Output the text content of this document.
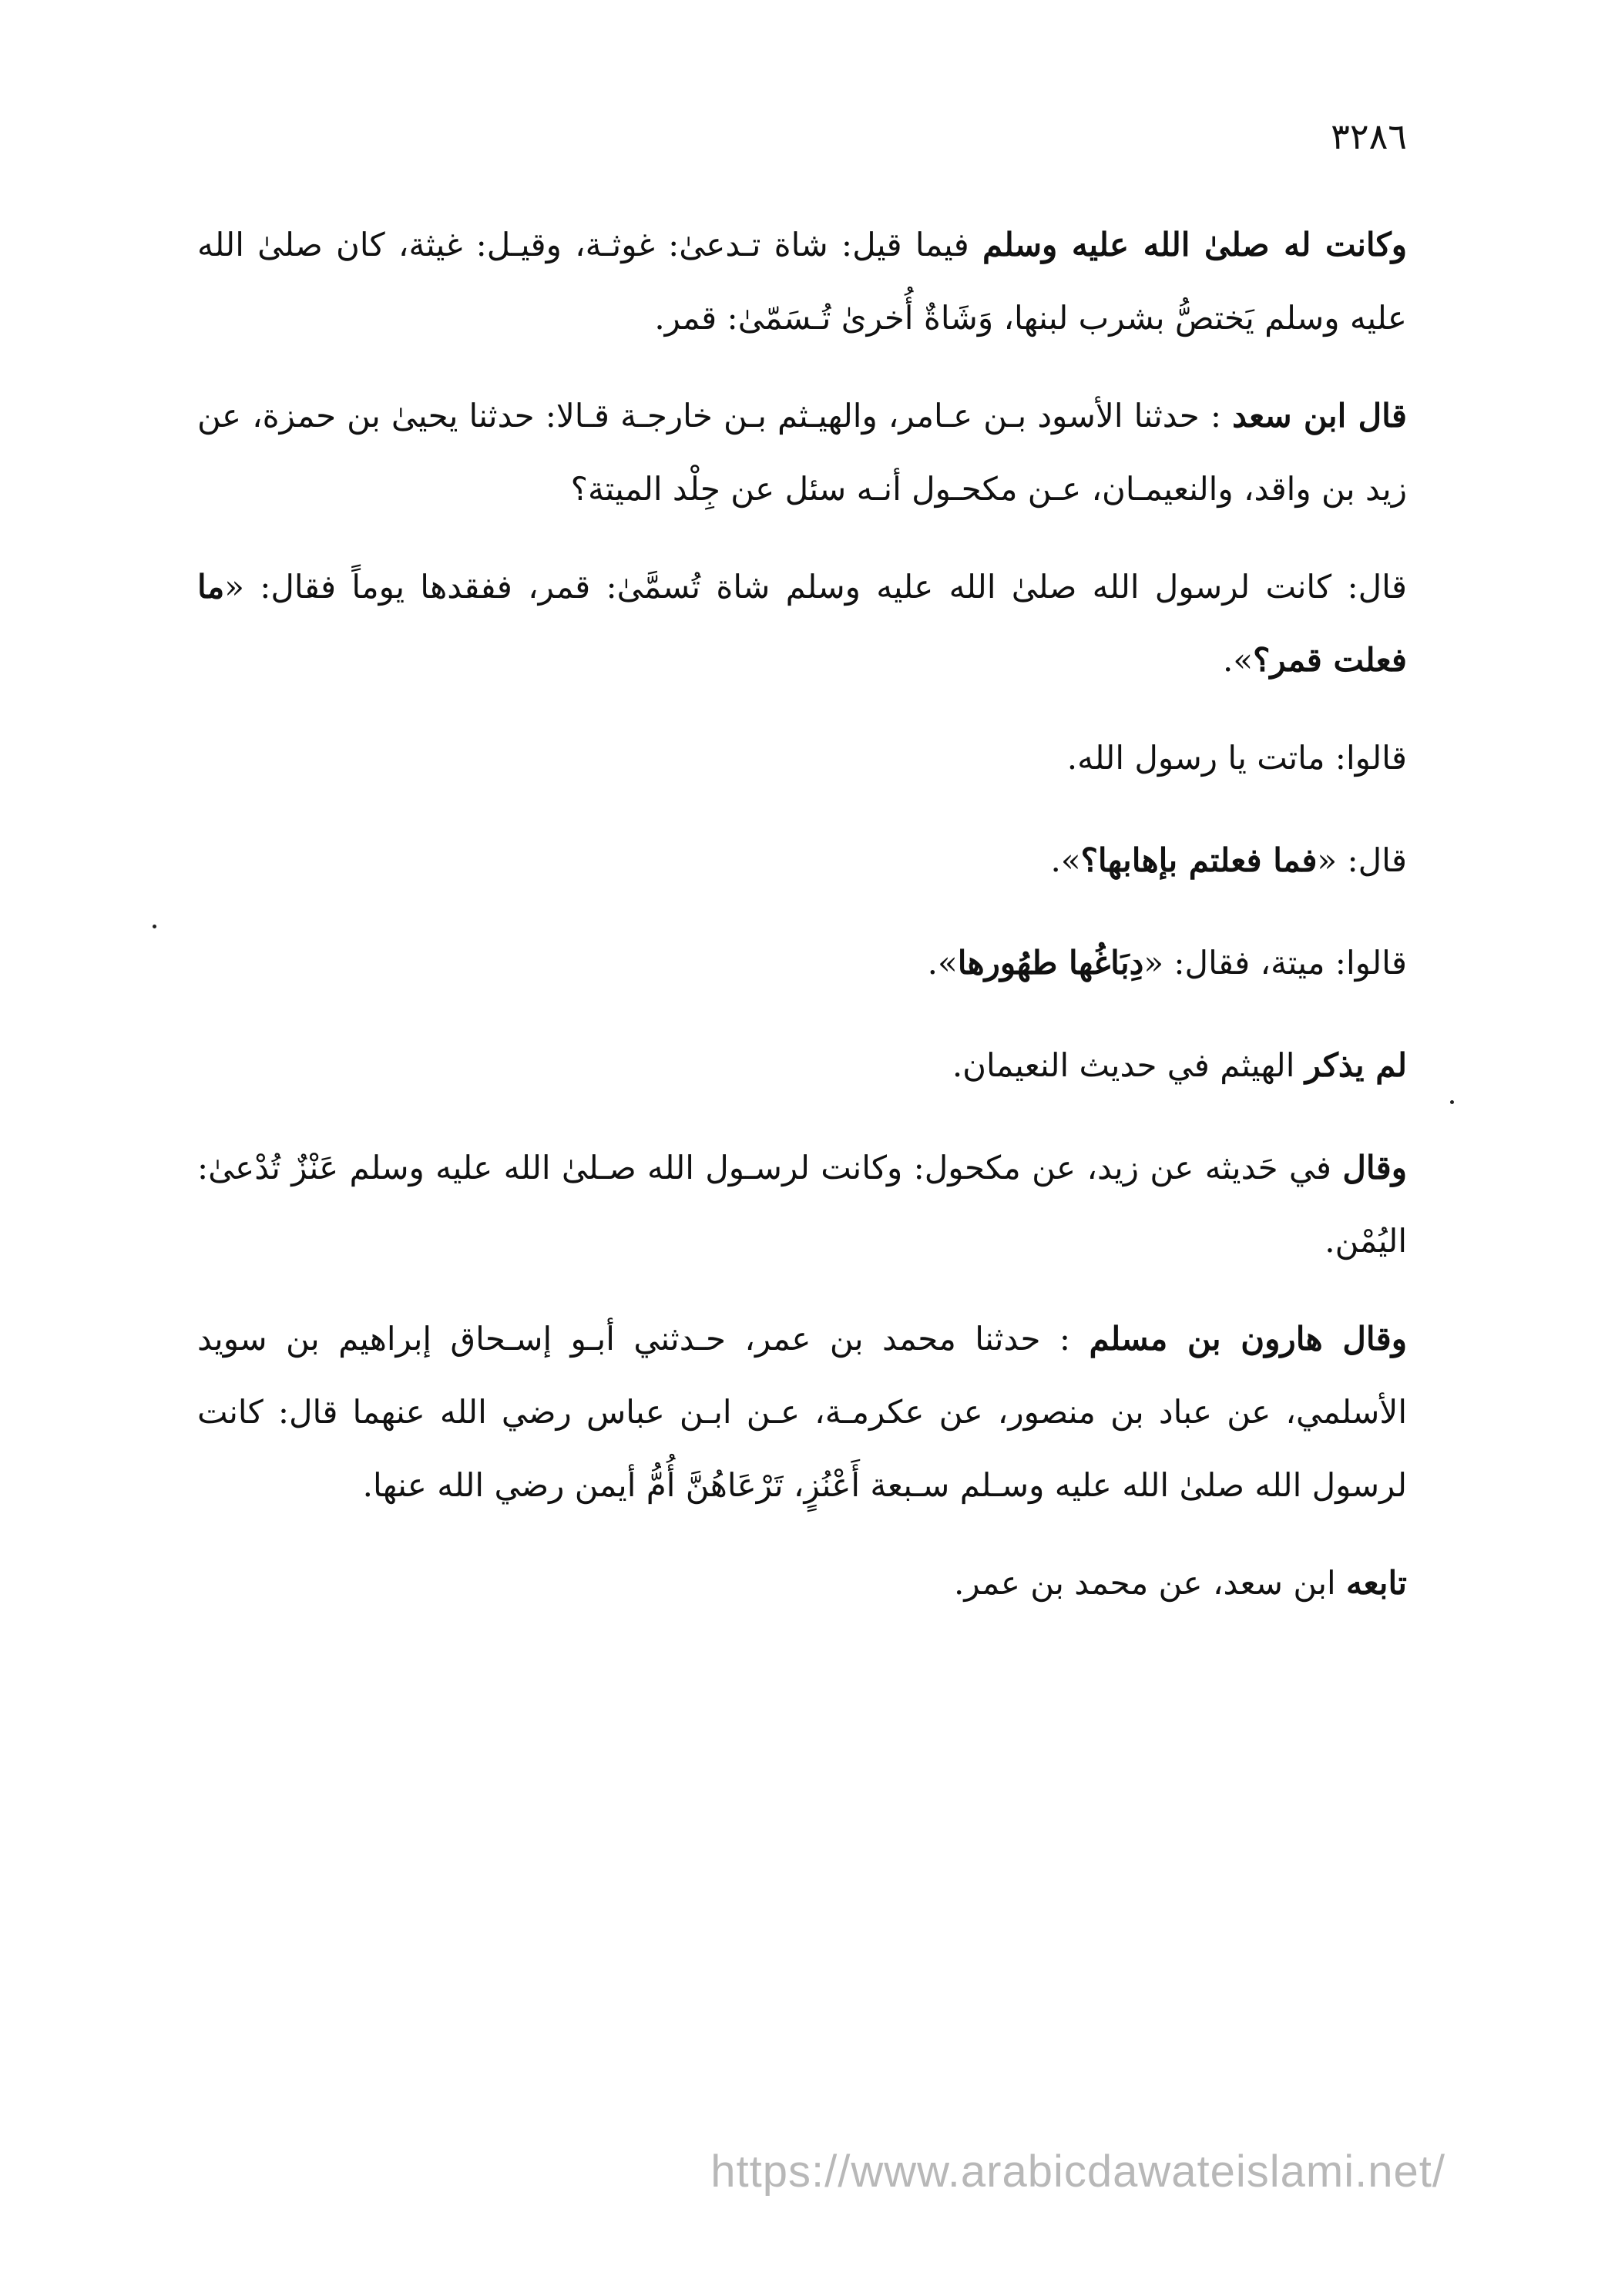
٣٢٨٦

وكانت له صلىٰ الله عليه وسلم فيما قيل: شاة تـدعىٰ: غوثـة، وقيـل: غيثة، كان صلىٰ الله عليه وسلم يَختصُّ بشرب لبنها، وَشَاةٌ أُخرىٰ تُـسَمّىٰ: قمر.

قال ابن سعد : حدثنا الأسود بـن عـامر، والهيـثم بـن خارجـة قـالا: حدثنا يحيىٰ بن حمزة، عن زيد بن واقد، والنعيمـان، عـن مكحـول أنـه سئل عن جِلْد الميتة؟

قال: كانت لرسول الله صلىٰ الله عليه وسلم شاة تُسمَّىٰ: قمر، ففقدها يوماً فقال: «ما فعلت قمر؟».

قالوا: ماتت يا رسول الله.

قال: «فما فعلتم بإهابها؟».

قالوا: ميتة، فقال: «دِبَاغُها طهُورها».

لم يذكر الهيثم في حديث النعيمان.

وقال في حَديثه عن زيد، عن مكحول: وكانت لرسـول الله صـلىٰ الله عليه وسلم عَنْزٌ تُدْعىٰ: اليُمْن.

وقال هارون بن مسلم : حدثنا محمد بن عمر، حـدثني أبـو إسـحاق إبراهيم بن سويد الأسلمي، عن عباد بن منصور، عن عكرمـة، عـن ابـن عباس رضي الله عنهما قال: كانت لرسول الله صلىٰ الله عليه وسـلم سـبعة أَعْنُزٍ، تَرْعَاهُنَّ أُمُّ أيمن رضي الله عنها.

تابعه ابن سعد، عن محمد بن عمر.

https://www.arabicdawateislami.net/
